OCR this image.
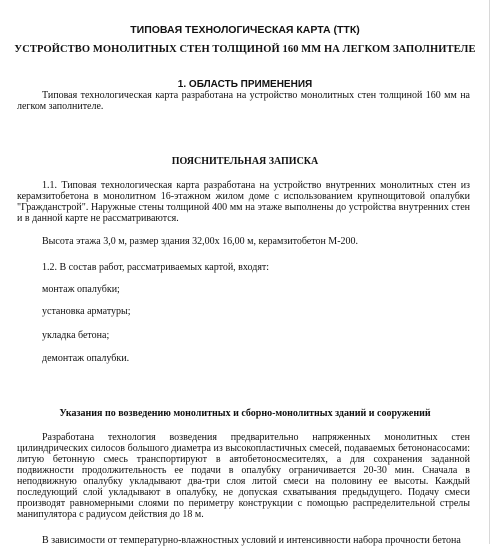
ТИПОВАЯ ТЕХНОЛОГИЧЕСКАЯ КАРТА (ТТК)
УСТРОЙСТВО МОНОЛИТНЫХ СТЕН ТОЛЩИНОЙ 160 ММ НА ЛЕГКОМ ЗАПОЛНИТЕЛЕ
1. ОБЛАСТЬ ПРИМЕНЕНИЯ
Типовая технологическая карта разработана на устройство монолитных стен толщиной 160 мм на легком заполнителе.
ПОЯСНИТЕЛЬНАЯ ЗАПИСКА
1.1. Типовая технологическая карта разработана на устройство внутренних монолитных стен из керамзитобетона в монолитном 16-этажном жилом доме с использованием крупнощитовой опалубки "Гражданстрой". Наружные стены толщиной 400 мм на этаже выполнены до устройства внутренних стен и в данной карте не рассматриваются.
Высота этажа 3,0 м, размер здания 32,00х 16,00 м, керамзитобетон М-200.
1.2. В состав работ, рассматриваемых картой, входят:
монтаж опалубки;
установка арматуры;
укладка бетона;
демонтаж опалубки.
Указания по возведению монолитных и сборно-монолитных зданий и сооружений
Разработана технология возведения предварительно напряженных монолитных стен цилиндрических силосов большого диаметра из высокопластичных смесей, подаваемых бетононасосами: литую бетонную смесь транспортируют в автобетоносмесителях, а для сохранения заданной подвижности продолжительность ее подачи в опалубку ограничивается 20-30 мин. Сначала в неподвижную опалубку укладывают два-три слоя литой смеси на половину ее высоты. Каждый последующий слой укладывают в опалубку, не допуская схватывания предыдущего. Подачу смеси производят равномерными слоями по периметру конструкции с помощью распределительной стрелы манипулятора с радиусом действия до 18 м.
В зависимости от температурно-влажностных условий и интенсивности набора прочности бетона
